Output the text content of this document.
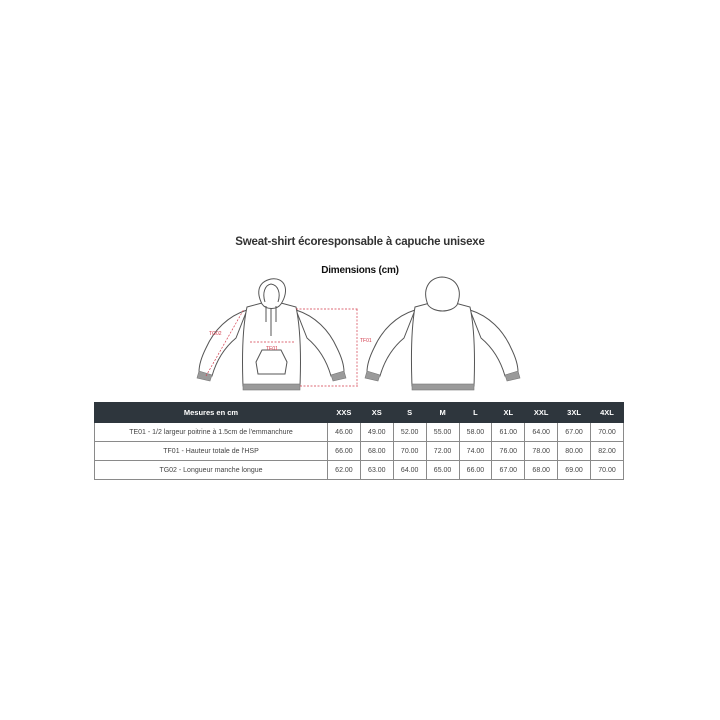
Sweat-shirt écoresponsable à capuche unisexe
Dimensions (cm)
TG02
TE01
TF01
Mesures en cm	XXS	XS	S	M	L	XL	XXL	3XL	4XL
TE01 - 1/2 largeur poitrine à 1.5cm de l'emmanchure	46.00	49.00	52.00	55.00	58.00	61.00	64.00	67.00	70.00
TF01 - Hauteur totale de l'HSP	66.00	68.00	70.00	72.00	74.00	76.00	78.00	80.00	82.00
TG02 - Longueur manche longue	62.00	63.00	64.00	65.00	66.00	67.00	68.00	69.00	70.00
